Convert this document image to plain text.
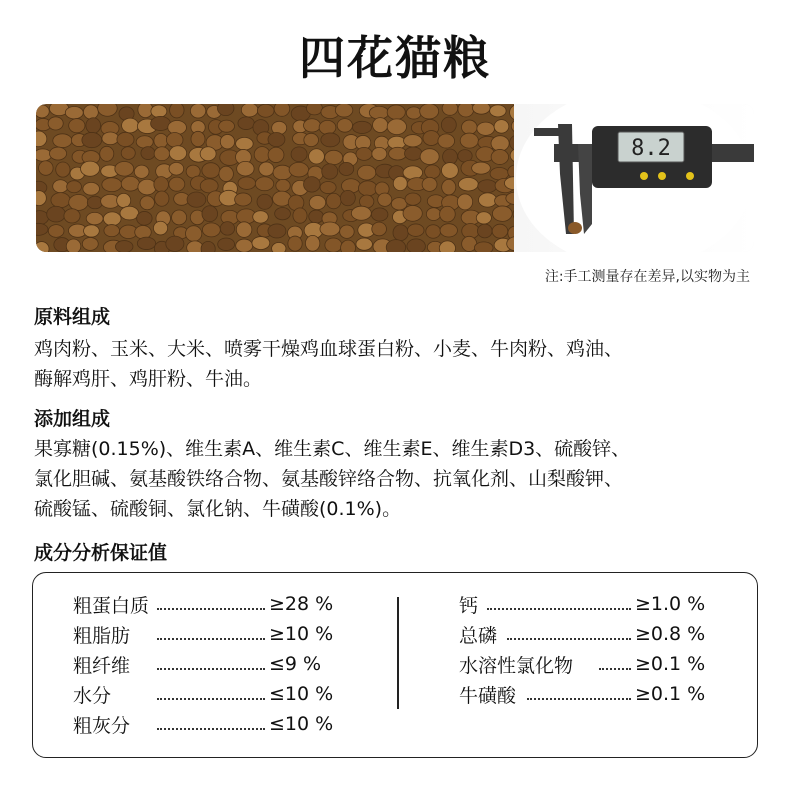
四花猫粮
8.2
注:手工测量存在差异,以实物为主
原料组成
鸡肉粉、玉米、大米、喷雾干燥鸡血球蛋白粉、小麦、牛肉粉、鸡油、
酶解鸡肝、鸡肝粉、牛油。
添加组成
果寡糖(0.15%)、维生素A、维生素C、维生素E、维生素D3、硫酸锌、
氯化胆碱、氨基酸铁络合物、氨基酸锌络合物、抗氧化剂、山梨酸钾、
硫酸锰、硫酸铜、氯化钠、牛磺酸(0.1%)。
成分分析保证值
粗蛋白质	≥28 %
粗脂肪	≥10 %
粗纤维	≤9 %
水分	≤10 %
粗灰分	≤10 %
钙	≥1.0 %
总磷	≥0.8 %
水溶性氯化物	≥0.1 %
牛磺酸	≥0.1 %
